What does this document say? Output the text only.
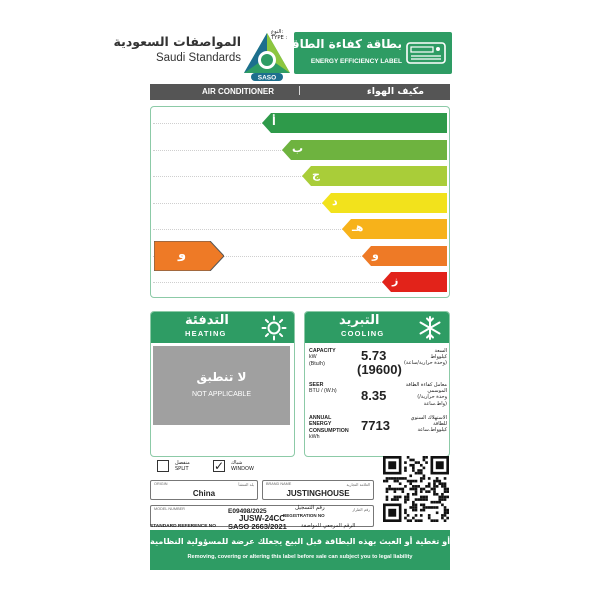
المواصفات السعودية
Saudi Standards
SASO
بطاقة كفاءة الطاقة
ENERGY EFFICIENCY LABEL
AIR CONDITIONER	|	مكيف الهواء
أ
ب
ج
د
هـ
و
ز
و
التدفئة
HEATING
لا تنطبق
NOT APPLICABLE
التبريد
COOLING
CAPACITY
kW
(Btu/h)
5.73
(19600)
السعة
كيلوواط
(وحدة حرارية/ساعة)
SEER
BTU / (W.h)	8.35
معامل كفاءة الطاقة الموسمي
(وحدة حرارية/ واط.ساعة)
ANNUAL ENERGY CONSUMPTION
kWh
7713	الاستهلاك السنوي للطاقة
كيلوواط.ساعة
منفصل
SPLIT ✓ شباك
WINDOW
النوع:
TYPE :
ORIGIN	بلد المنشأ
China
BRAND NAME	العلامة التجارية
JUSTINGHOUSE
MODEL NUMBER	رقم الطراز
JUSW-24CC
إزالة أو تغطية أو العبث بهذه البطاقة قبل البيع يجعلك عرضة للمسؤولية النظامية
Removing, covering or altering this label before sale can subject you to legal liability
E09498/2025	رقم التسجيل
REGISTRATION NO
STANDARD REFERENCE NO SASO 2663/2021	الرقم المرجعي للمواصفة
